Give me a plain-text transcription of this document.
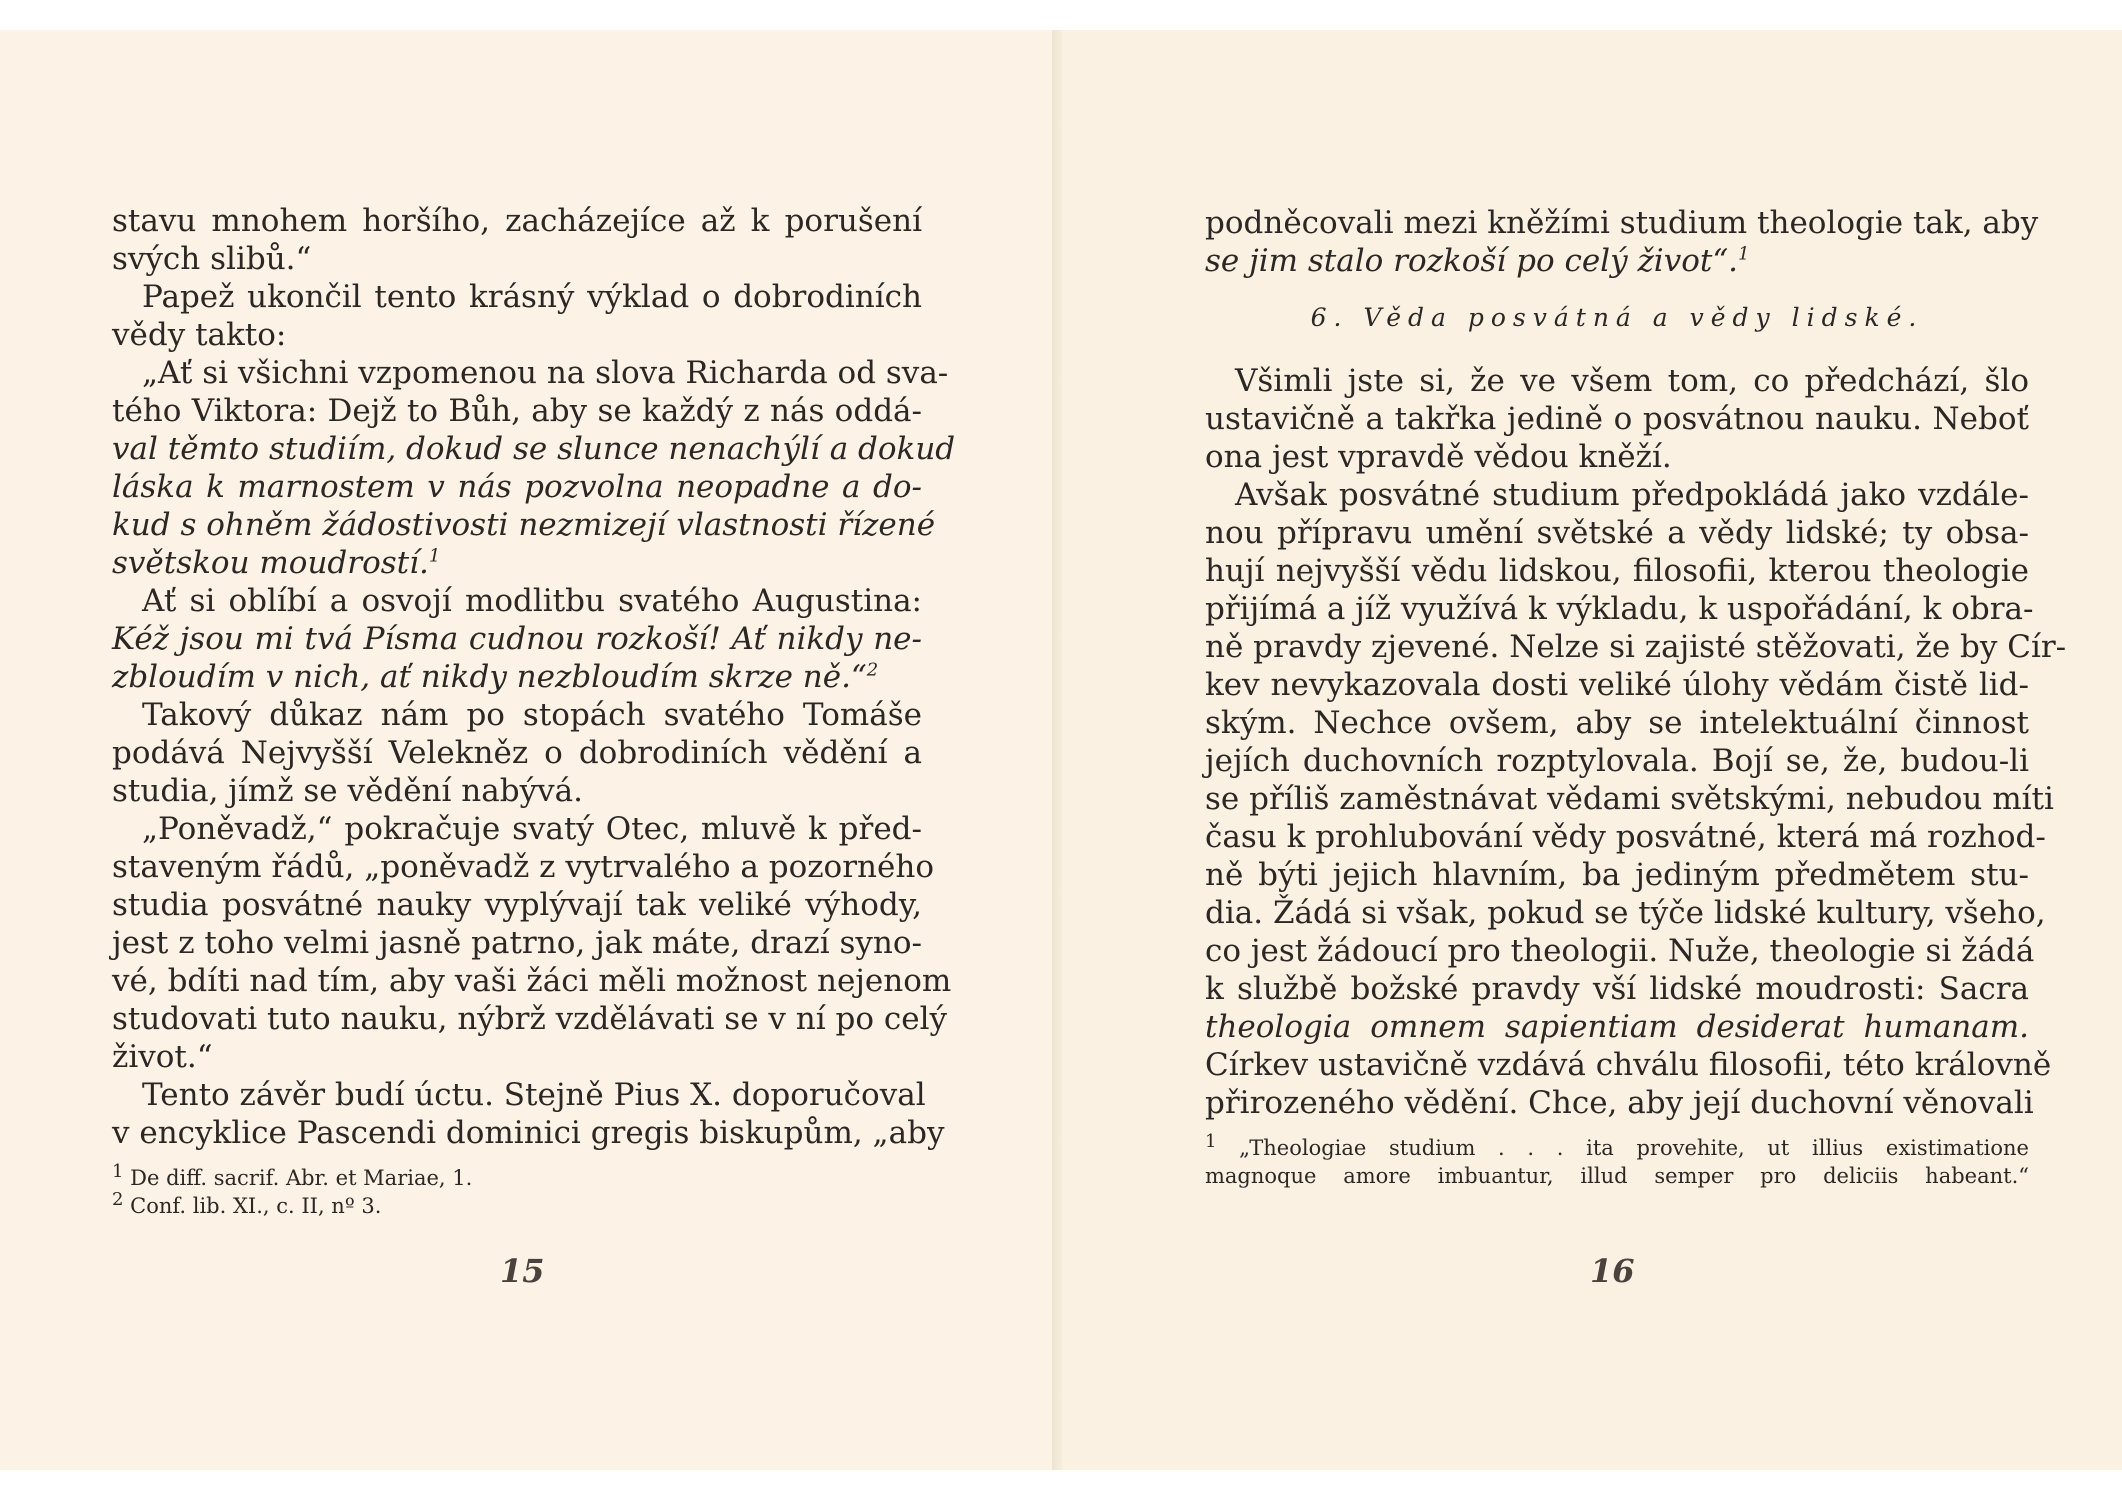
stavu mnohem horšího, zacházejíce až k porušení
svých slibů.“
Papež ukončil tento krásný výklad o dobrodiních
vědy takto:
„Ať si všichni vzpomenou na slova Richarda od sva-
tého Viktora: Dejž to Bůh, aby se každý z nás oddá-
val těmto studiím, dokud se slunce nenachýlí a dokud
láska k marnostem v nás pozvolna neopadne a do-
kud s ohněm žádostivosti nezmizejí vlastnosti řízené
světskou moudrostí.$^1$
Ať si oblíbí a osvojí modlitbu svatého Augustina:
Kéž jsou mi tvá Písma cudnou rozkoší! Ať nikdy ne-
zbloudím v nich, ať nikdy nezbloudím skrze ně.“$^2$
Takový důkaz nám po stopách svatého Tomáše
podává Nejvyšší Velekněz o dobrodiních vědění a
studia, jímž se vědění nabývá.
„Poněvadž,“ pokračuje svatý Otec, mluvě k před-
staveným řádů, „poněvadž z vytrvalého a pozorného
studia posvátné nauky vyplývají tak veliké výhody,
jest z toho velmi jasně patrno, jak máte, drazí syno-
vé, bdíti nad tím, aby vaši žáci měli možnost nejenom
studovati tuto nauku, nýbrž vzdělávati se v ní po celý
život.“
Tento závěr budí úctu. Stejně Pius X. doporučoval
v encyklice Pascendi dominici gregis biskupům, „aby
$^1$ De diff. sacrif. Abr. et Mariae, 1.
$^2$ Conf. lib. XI., c. II, nº 3.
15
podněcovali mezi kněžími studium theologie tak, aby
se jim stalo rozkoší po celý život“.$^1$
6. Věda posvátná a vědy lidské.
Všimli jste si, že ve všem tom, co předchází, šlo
ustavičně a takřka jedině o posvátnou nauku. Neboť
ona jest vpravdě vědou kněží.
Avšak posvátné studium předpokládá jako vzdále-
nou přípravu umění světské a vědy lidské; ty obsa-
hují nejvyšší vědu lidskou, filosofii, kterou theologie
přijímá a jíž využívá k výkladu, k uspořádání, k obra-
ně pravdy zjevené. Nelze si zajisté stěžovati, že by Cír-
kev nevykazovala dosti veliké úlohy vědám čistě lid-
ským. Nechce ovšem, aby se intelektuální činnost
jejích duchovních rozptylovala. Bojí se, že, budou-li
se příliš zaměstnávat vědami světskými, nebudou míti
času k prohlubování vědy posvátné, která má rozhod-
ně býti jejich hlavním, ba jediným předmětem stu-
dia. Žádá si však, pokud se týče lidské kultury, všeho,
co jest žádoucí pro theologii. Nuže, theologie si žádá
k službě božské pravdy vší lidské moudrosti: Sacra
theologia omnem sapientiam desiderat humanam.
Církev ustavičně vzdává chválu filosofii, této královně
přirozeného vědění. Chce, aby její duchovní věnovali
$^1$ „Theologiae studium . . . ita provehite, ut illius existimatione
magnoque amore imbuantur, illud semper pro deliciis habeant.“
16
